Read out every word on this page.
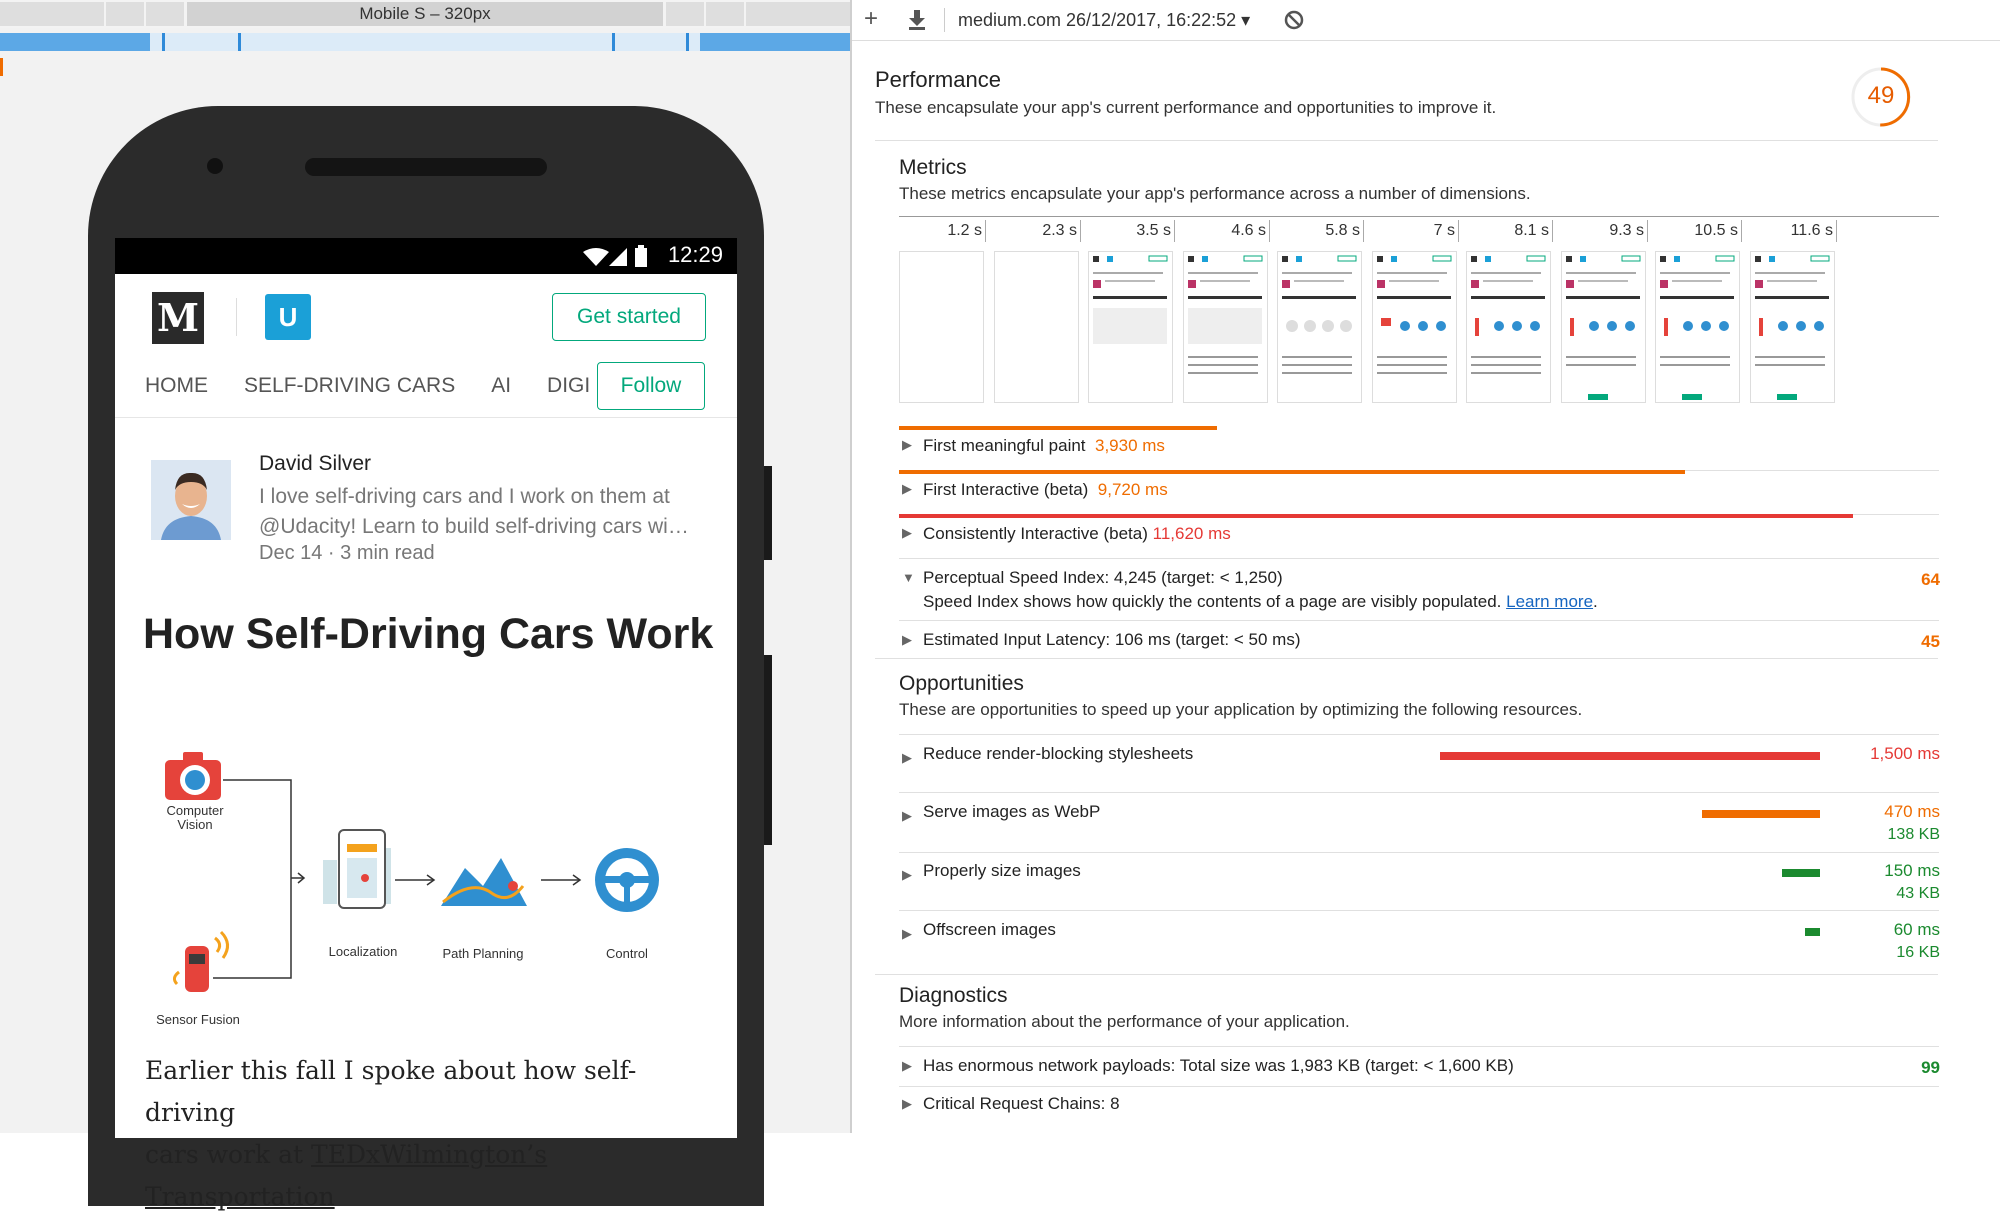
Mobile S – 320px
12:29
M	U	Get started
HOME SELF-DRIVING CARS AI DIGI	Follow
David Silver
I love self-driving cars and I work on them at @Udacity! Learn to build self-driving cars wi…
Dec 14 · 3 min read
How Self-Driving Cars Work
Computer
Vision
Sensor Fusion
Localization	Path Planning	Control
Earlier this fall I spoke about how self-driving
cars work at TEDxWilmington’s Transportation
+	medium.com 26/12/2017, 16:22:52 ▾
Performance
These encapsulate your app's current performance and opportunities to improve it.	49
Metrics
These metrics encapsulate your app's performance across a number of dimensions.
1.2 s	2.3 s	3.5 s	4.6 s	5.8 s	7 s	8.1 s	9.3 s	10.5 s	11.6 s
▶ First meaningful paint 3,930 ms
▶ First Interactive (beta) 9,720 ms
▶ Consistently Interactive (beta) 11,620 ms
▼ Perceptual Speed Index: 4,245 (target: < 1,250)	64
Speed Index shows how quickly the contents of a page are visibly populated. Learn more.
▶ Estimated Input Latency: 106 ms (target: < 50 ms)	45
Opportunities
These are opportunities to speed up your application by optimizing the following resources.
▶ Reduce render-blocking stylesheets	1,500 ms
▶ Serve images as WebP	470 ms
138 KB
▶ Properly size images	150 ms
43 KB
▶ Offscreen images	60 ms
16 KB
Diagnostics
More information about the performance of your application.
▶ Has enormous network payloads: Total size was 1,983 KB (target: < 1,600 KB)	99
▶ Critical Request Chains: 8
